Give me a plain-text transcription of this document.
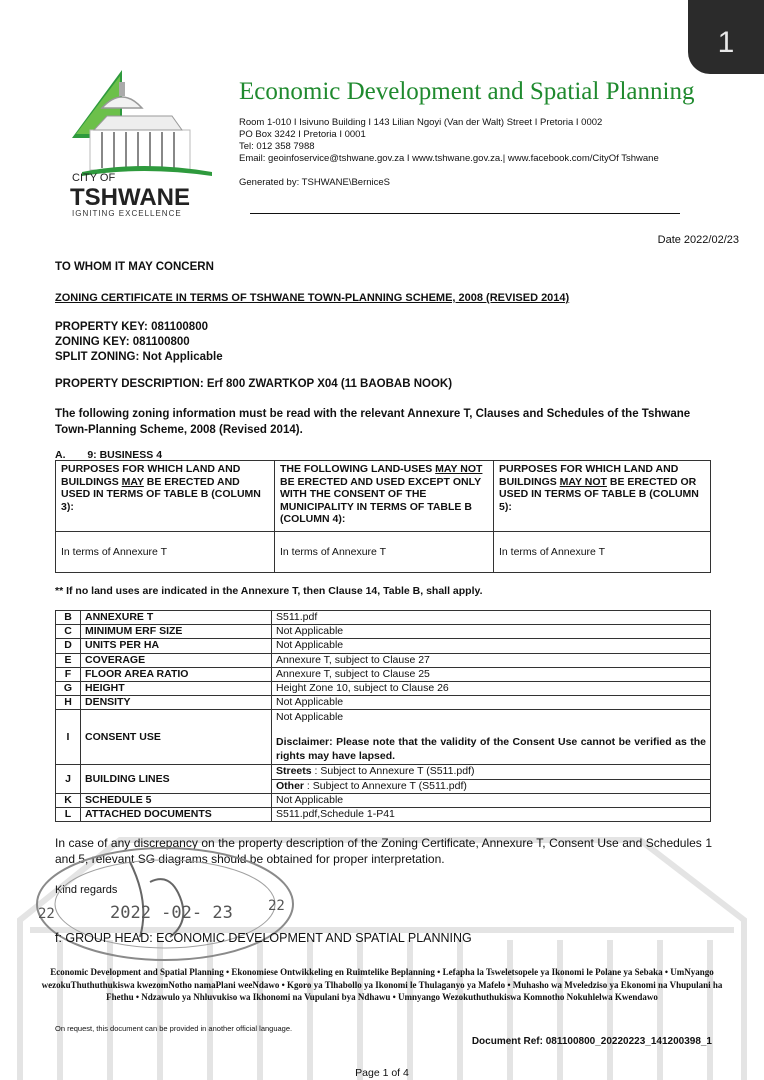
1
CITY OF
TSHWANE
IGNITING EXCELLENCE
Economic Development and Spatial Planning
Room 1-010 I Isivuno Building I 143 Lilian Ngoyi (Van der Walt) Street I Pretoria I 0002
PO Box 3242 I Pretoria I 0001
Tel: 012 358 7988
Email: geoinfoservice@tshwane.gov.za I www.tshwane.gov.za.| www.facebook.com/CityOf Tshwane
Generated by: TSHWANE\BerniceS
Date 2022/02/23
TO WHOM IT MAY CONCERN
ZONING CERTIFICATE IN TERMS OF TSHWANE TOWN-PLANNING SCHEME, 2008 (REVISED 2014)
PROPERTY KEY: 081100800
ZONING KEY: 081100800
SPLIT ZONING: Not Applicable
PROPERTY DESCRIPTION: Erf 800 ZWARTKOP X04 (11 BAOBAB NOOK)
The following zoning information must be read with the relevant Annexure T, Clauses and Schedules of the Tshwane Town-Planning Scheme, 2008 (Revised 2014).
A. 9: BUSINESS 4
PURPOSES FOR WHICH LAND AND BUILDINGS MAY BE ERECTED AND USED IN TERMS OF TABLE B (COLUMN 3):	THE FOLLOWING LAND-USES MAY NOT BE ERECTED AND USED EXCEPT ONLY WITH THE CONSENT OF THE MUNICIPALITY IN TERMS OF TABLE B (COLUMN 4):	PURPOSES FOR WHICH LAND AND BUILDINGS MAY NOT BE ERECTED OR USED IN TERMS OF TABLE B (COLUMN 5):
In terms of Annexure T	In terms of Annexure T	In terms of Annexure T
** If no land uses are indicated in the Annexure T, then Clause 14, Table B, shall apply.
B	ANNEXURE T	S511.pdf
C	MINIMUM ERF SIZE	Not Applicable
D	UNITS PER HA	Not Applicable
E	COVERAGE	Annexure T, subject to Clause 27
F	FLOOR AREA RATIO	Annexure T, subject to Clause 25
G	HEIGHT	Height Zone 10, subject to Clause 26
H	DENSITY	Not Applicable
I	CONSENT USE	Not Applicable
Disclaimer: Please note that the validity of the Consent Use cannot be verified as the rights may have lapsed.

J	BUILDING LINES	Streets : Subject to Annexure T (S511.pdf)
		Other : Subject to Annexure T (S511.pdf)
K	SCHEDULE 5	Not Applicable
L	ATTACHED DOCUMENTS	S511.pdf,Schedule 1-P41
In case of any discrepancy on the property description of the Zoning Certificate, Annexure T, Consent Use and Schedules 1 and 5, relevant SG diagrams should be obtained for proper interpretation.
Kind regards
2022 -02- 23
22	22
f: GROUP HEAD: ECONOMIC DEVELOPMENT AND SPATIAL PLANNING
Economic Development and Spatial Planning • Ekonomiese Ontwikkeling en Ruimtelike Beplanning • Lefapha la Tsweletsopele ya Ikonomi le Polane ya Sebaka • UmNyango wezokuThuthuthukiswa kwezomNotho namaPlani weeNdawo • Kgoro ya Tlhabollo ya Ikonomi le Thulaganyo ya Mafelo • Muhasho wa Mveledziso ya Ekonomi na Vhupulani ha Fhethu • Ndzawulo ya Nhluvukiso wa Ikhonomi na Vupulani bya Ndhawu • Umnyango Wezokuthuthukiswa Komnotho Nokuhlelwa Kwendawo
On request, this document can be provided in another official language.
Document Ref: 081100800_20220223_141200398_1
Page 1 of 4
